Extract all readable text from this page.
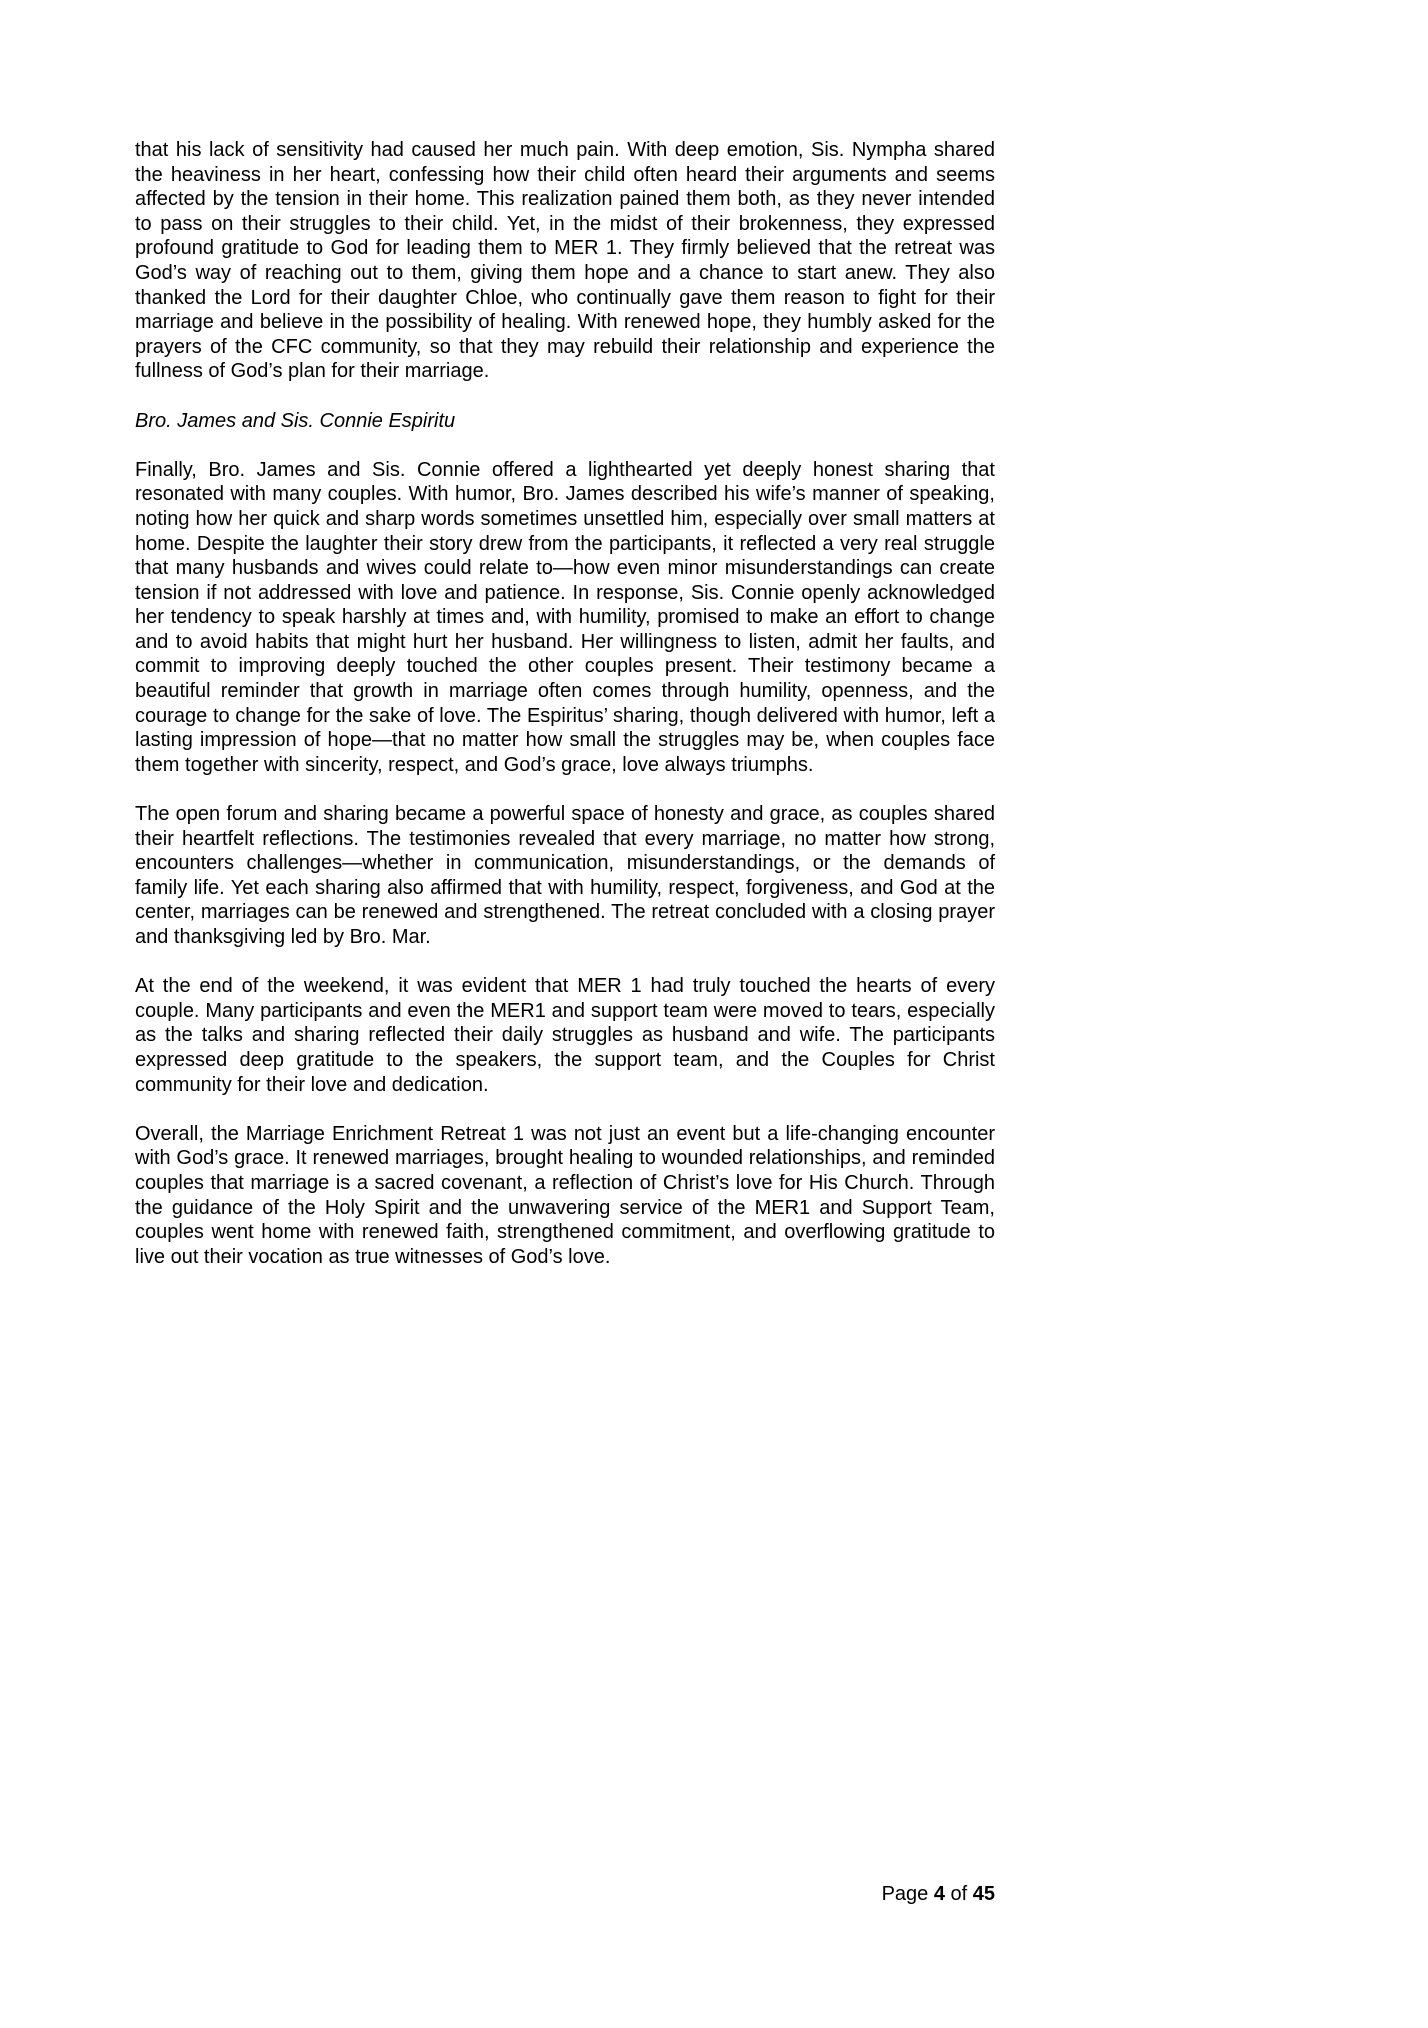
that his lack of sensitivity had caused her much pain. With deep emotion, Sis. Nympha shared the heaviness in her heart, confessing how their child often heard their arguments and seems affected by the tension in their home. This realization pained them both, as they never intended to pass on their struggles to their child. Yet, in the midst of their brokenness, they expressed profound gratitude to God for leading them to MER 1. They firmly believed that the retreat was God’s way of reaching out to them, giving them hope and a chance to start anew. They also thanked the Lord for their daughter Chloe, who continually gave them reason to fight for their marriage and believe in the possibility of healing. With renewed hope, they humbly asked for the prayers of the CFC community, so that they may rebuild their relationship and experience the fullness of God’s plan for their marriage.

Bro. James and Sis. Connie Espiritu

Finally, Bro. James and Sis. Connie offered a lighthearted yet deeply honest sharing that resonated with many couples. With humor, Bro. James described his wife’s manner of speaking, noting how her quick and sharp words sometimes unsettled him, especially over small matters at home. Despite the laughter their story drew from the participants, it reflected a very real struggle that many husbands and wives could relate to—how even minor misunderstandings can create tension if not addressed with love and patience. In response, Sis. Connie openly acknowledged her tendency to speak harshly at times and, with humility, promised to make an effort to change and to avoid habits that might hurt her husband. Her willingness to listen, admit her faults, and commit to improving deeply touched the other couples present. Their testimony became a beautiful reminder that growth in marriage often comes through humility, openness, and the courage to change for the sake of love. The Espiritus’ sharing, though delivered with humor, left a lasting impression of hope—that no matter how small the struggles may be, when couples face them together with sincerity, respect, and God’s grace, love always triumphs.

The open forum and sharing became a powerful space of honesty and grace, as couples shared their heartfelt reflections. The testimonies revealed that every marriage, no matter how strong, encounters challenges—whether in communication, misunderstandings, or the demands of family life. Yet each sharing also affirmed that with humility, respect, forgiveness, and God at the center, marriages can be renewed and strengthened. The retreat concluded with a closing prayer and thanksgiving led by Bro. Mar.

At the end of the weekend, it was evident that MER 1 had truly touched the hearts of every couple. Many participants and even the MER1 and support team were moved to tears, especially as the talks and sharing reflected their daily struggles as husband and wife. The participants expressed deep gratitude to the speakers, the support team, and the Couples for Christ community for their love and dedication.

Overall, the Marriage Enrichment Retreat 1 was not just an event but a life-changing encounter with God’s grace. It renewed marriages, brought healing to wounded relationships, and reminded couples that marriage is a sacred covenant, a reflection of Christ’s love for His Church. Through the guidance of the Holy Spirit and the unwavering service of the MER1 and Support Team, couples went home with renewed faith, strengthened commitment, and overflowing gratitude to live out their vocation as true witnesses of God’s love.

Page 4 of 45
